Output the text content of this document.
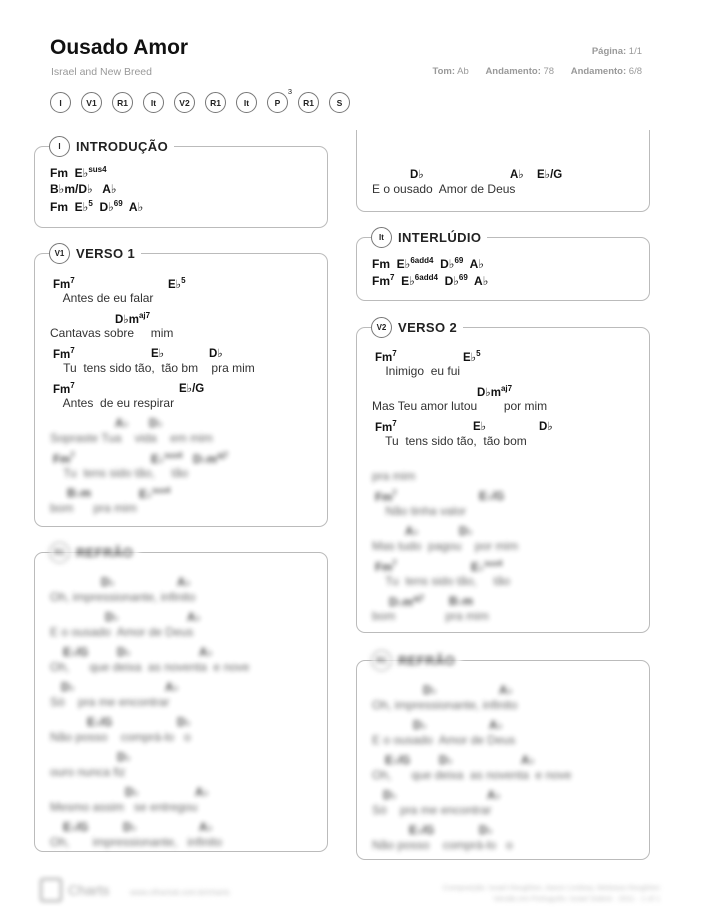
Ousado Amor
Israel and New Breed
Página: 1/1
Tom: Ab Andamento: 78 Andamento: 6/8
I	V1	R1	It	V2	R1	It	P
3
R1	S
I	INTRODUÇÃO
Fm  E♭$^{sus4}$
B♭m/D♭   A♭
Fm  E♭$^5$  D♭$^{69}$  A♭
D♭	A♭ E♭/G
E o ousado  Amor de Deus
It	INTERLÚDIO
Fm  E♭$^{6add4}$  D♭$^{69}$  A♭
Fm$^7$  E♭$^{6add4}$  D♭$^{69}$  A♭
V1 VERSO 1
Fm$^7$	E♭$^5$
Antes de eu falar
$D♭m^{aj7}$
Cantavas sobre     mim
Fm$^7$	E♭	D♭
Tu  tens sido tão,  tão bm    pra mim
Fm$^7$	E♭/G
Antes  de eu respirar
A♭ D♭
Sopraste Tua    vida    em mim
Fm$^7$	E♭$^{sus4}$ $D♭m^{aj7}$
Tu  tens sido tão,     tão
B♭m	E♭$^{sus4}$
bom      pra mim
V2 VERSO 2
Fm$^7$	E♭$^5$
Inimigo  eu fui
$D♭m^{aj7}$
Mas Teu amor lutou        por mim
Fm$^7$	E♭	D♭
Tu  tens sido tão,  tão bom
pra mim
Fm$^7$	E♭/G
Não tinha valor
A♭	D♭
Mas tudo  pagou    por mim
Fm$^7$	E♭$^{sus4}$
Tu  tens sido tão,     tão
$D♭m^{aj7}$ B♭m
bom               pra mim
R1 REFRÃO
D♭	A♭
Oh, impressionante, infinito
D♭	A♭
E o ousado  Amor de Deus
E♭/G	D♭	A♭
Oh,      que deixa  as noventa  e nove
D♭	A♭
Só    pra me encontrar
E♭/G	D♭
Não posso    comprá-lo   o
D♭
ouro nunca fiz
D♭	A♭
Mesmo assim   se entregou
E♭/G	D♭	A♭
Oh,       impressionante,   infinito
R1 REFRÃO
D♭	A♭
Oh, impressionante, infinito
D♭	A♭
E o ousado  Amor de Deus
E♭/G	D♭	A♭
Oh,      que deixa  as noventa  e nove
D♭	A♭
Só    pra me encontrar
E♭/G	D♭
Não posso    comprá-lo   o
Charts	www.cifraclub.com.br/charts
Composição: Israel Houghton, Aaron Lindsey, Meleasa Houghton
Versão em Português: Israel Subirá · 2011 · 1 of 1
